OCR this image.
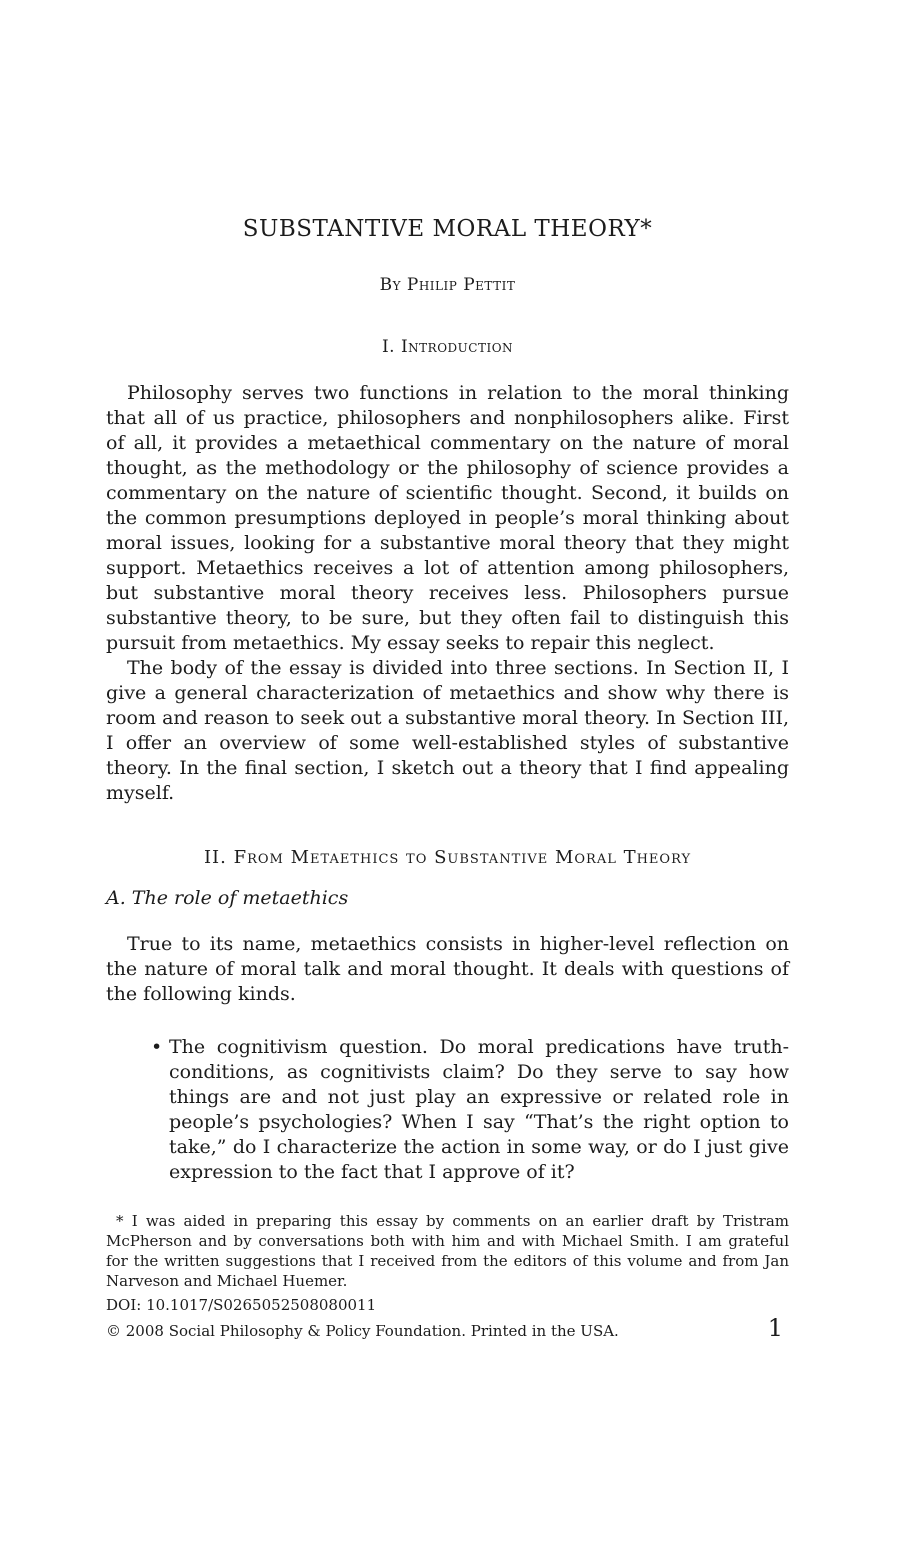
SUBSTANTIVE MORAL THEORY*
By Philip Pettit
I. Introduction

Philosophy serves two functions in relation to the moral thinking that all of us practice, philosophers and nonphilosophers alike. First of all, it provides a metaethical commentary on the nature of moral thought, as the methodology or the philosophy of science provides a commentary on the nature of scientific thought. Second, it builds on the common presumptions deployed in people’s moral thinking about moral issues, looking for a substantive moral theory that they might support. Metaethics receives a lot of attention among philosophers, but substantive moral theory receives less. Philosophers pursue substantive theory, to be sure, but they often fail to distinguish this pursuit from metaethics. My essay seeks to repair this neglect.

The body of the essay is divided into three sections. In Section II, I give a general characterization of metaethics and show why there is room and reason to seek out a substantive moral theory. In Section III, I offer an overview of some well-established styles of substantive theory. In the final section, I sketch out a theory that I find appealing myself.

II. From Metaethics to Substantive Moral Theory
A. The role of metaethics

True to its name, metaethics consists in higher-level reflection on the nature of moral talk and moral thought. It deals with questions of the following kinds.

• The cognitivism question. Do moral predications have truth-conditions, as cognitivists claim? Do they serve to say how things are and not just play an expressive or related role in people’s psychologies? When I say “That’s the right option to take,” do I characterize the action in some way, or do I just give expression to the fact that I approve of it?
* I was aided in preparing this essay by comments on an earlier draft by Tristram McPherson and by conversations both with him and with Michael Smith. I am grateful for the written suggestions that I received from the editors of this volume and from Jan Narveson and Michael Huemer.
DOI: 10.1017/S0265052508080011
© 2008 Social Philosophy & Policy Foundation. Printed in the USA.	1
